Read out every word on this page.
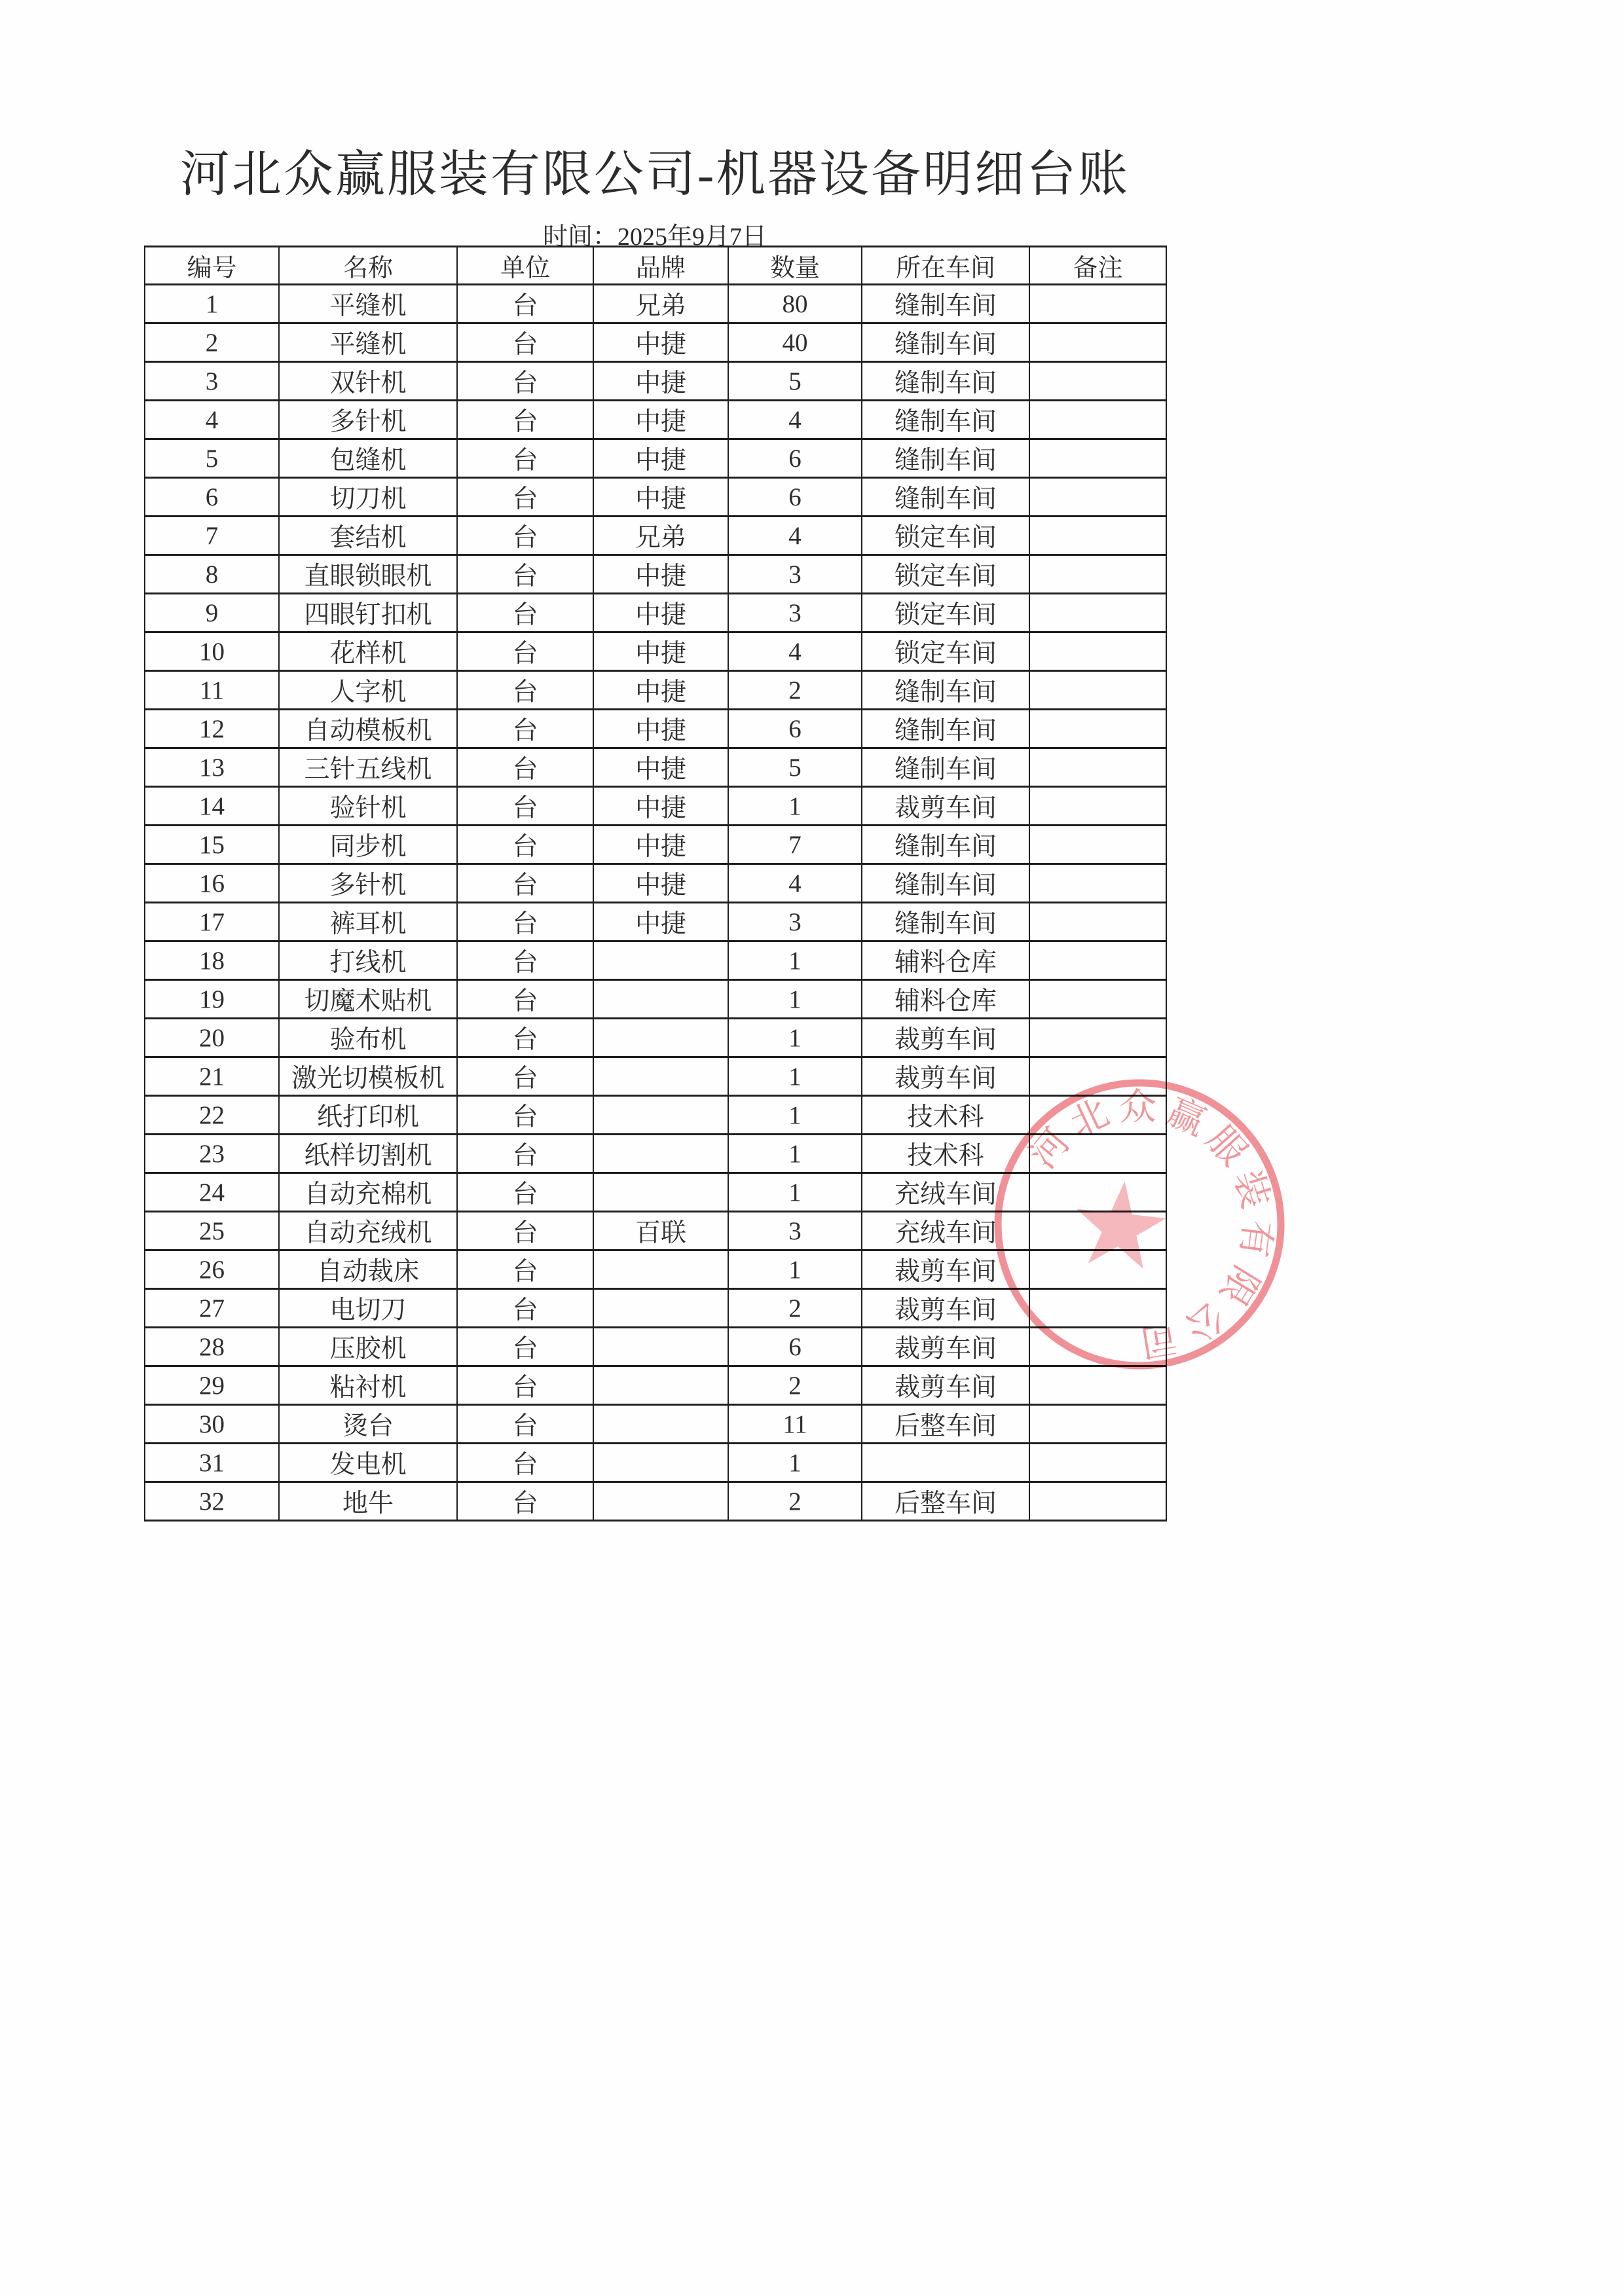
河北众赢服装有限公司-机器设备明细台账
时间：2025年9月7日
编号	名称	单位	品牌	数量	所在车间	备注
1	平缝机	台	兄弟	80	缝制车间	
2	平缝机	台	中捷	40	缝制车间	
3	双针机	台	中捷	5	缝制车间	
4	多针机	台	中捷	4	缝制车间	
5	包缝机	台	中捷	6	缝制车间	
6	切刀机	台	中捷	6	缝制车间	
7	套结机	台	兄弟	4	锁定车间	
8	直眼锁眼机	台	中捷	3	锁定车间	
9	四眼钉扣机	台	中捷	3	锁定车间	
10	花样机	台	中捷	4	锁定车间	
11	人字机	台	中捷	2	缝制车间	
12	自动模板机	台	中捷	6	缝制车间	
13	三针五线机	台	中捷	5	缝制车间	
14	验针机	台	中捷	1	裁剪车间	
15	同步机	台	中捷	7	缝制车间	
16	多针机	台	中捷	4	缝制车间	
17	裤耳机	台	中捷	3	缝制车间	
18	打线机	台		1	辅料仓库	
19	切魔术贴机	台		1	辅料仓库	
20	验布机	台		1	裁剪车间	
21	激光切模板机	台		1	裁剪车间	
22	纸打印机	台		1	技术科	
23	纸样切割机	台		1	技术科	
24	自动充棉机	台		1	充绒车间	
25	自动充绒机	台	百联	3	充绒车间	
26	自动裁床	台		1	裁剪车间	
27	电切刀	台		2	裁剪车间	
28	压胶机	台		6	裁剪车间	
29	粘衬机	台		2	裁剪车间	
30	烫台	台		11	后整车间	
31	发电机	台		1		
32	地牛	台		2	后整车间	
河北众赢服装有限公司
